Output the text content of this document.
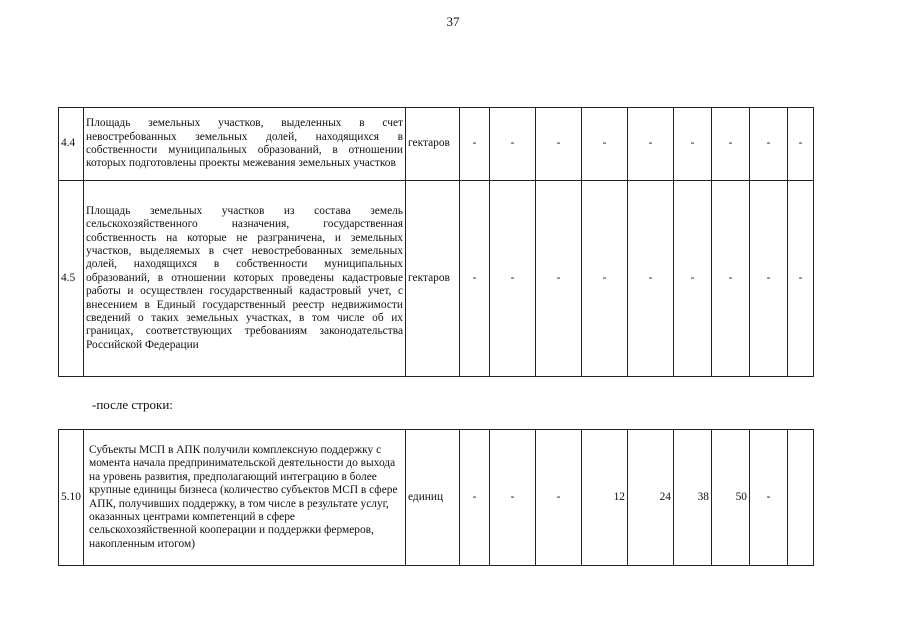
37
4.4	Площадь земельных участков, выделенных в счет невостребованных земельных долей, находящихся в собственности муниципальных образований, в отношении которых подготовлены проекты межевания земельных участков	гектаров	-	-	-	-	-	-	-	-	-
4.5	Площадь земельных участков из состава земель сельскохозяйственного назначения, государственная собственность на которые не разграничена, и земельных участков, выделяемых в счет невостребованных земельных долей, находящихся в собственности муниципальных образований, в отношении которых проведены кадастровые работы и осуществлен государственный кадастровый учет, с внесением в Единый государственный реестр недвижимости сведений о таких земельных участках, в том числе об их границах, соответствующих требованиям законодательства Российской Федерации	гектаров	-	-	-	-	-	-	-	-	-
-после строки:
5.10	Субъекты МСП в АПК получили комплексную поддержку с момента начала предпринимательской деятельности до выхода на уровень развития, предполагающий интеграцию в более крупные единицы бизнеса (количество субъектов МСП в сфере АПК, получивших поддержку, в том числе в результате услуг, оказанных центрами компетенций в сфере сельскохозяйственной кооперации и поддержки фермеров, накопленным итогом)	единиц	-	-	-	12	24	38	50	-	
